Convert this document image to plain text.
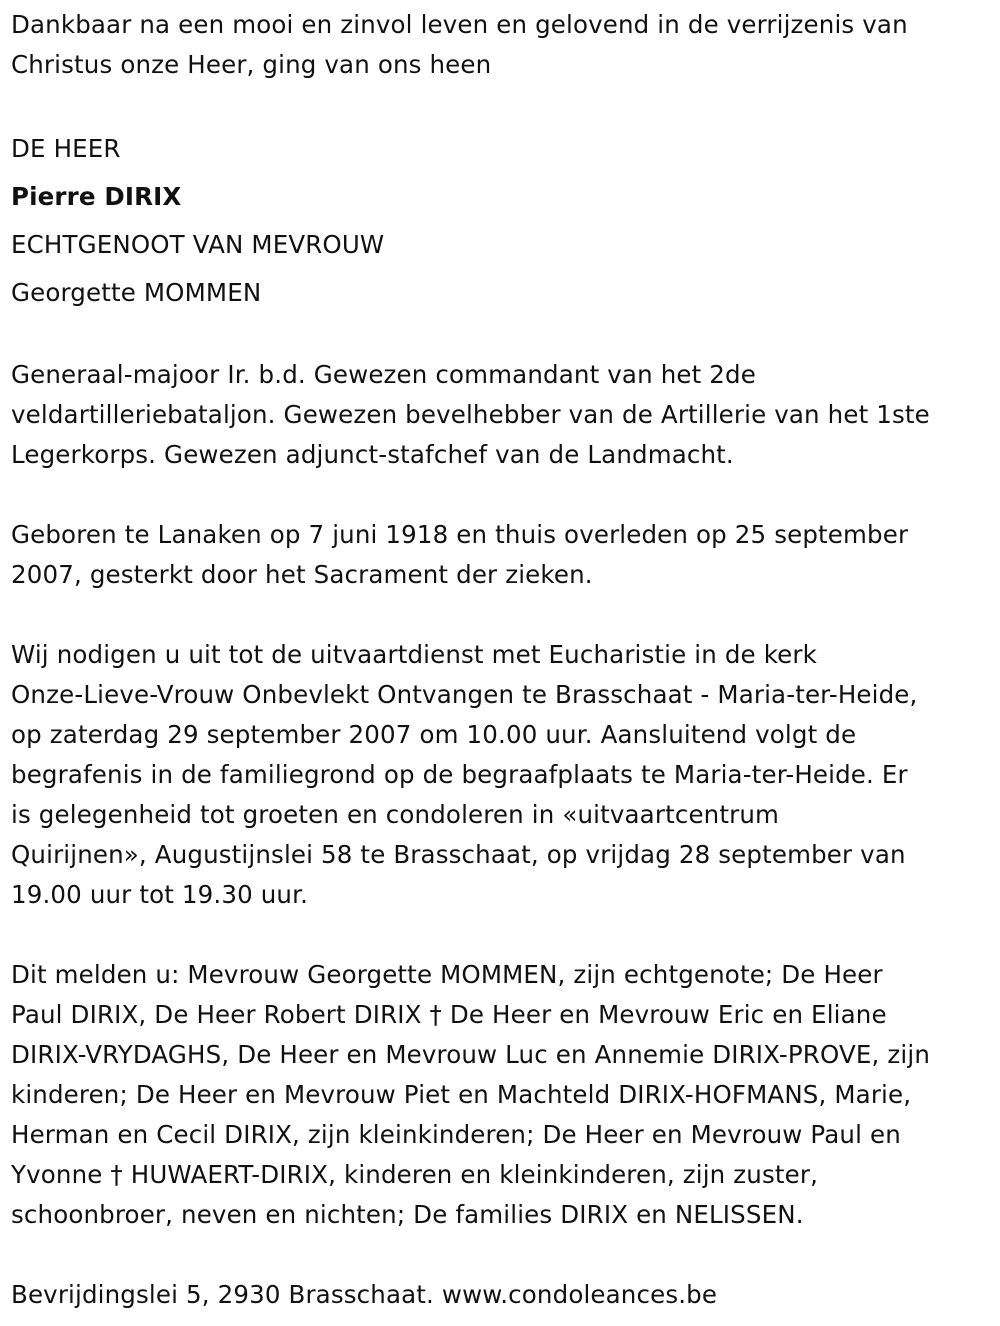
Dankbaar na een mooi en zinvol leven en gelovend in de verrijzenis van

Christus onze Heer, ging van ons heen

DE HEER

Pierre DIRIX

ECHTGENOOT VAN MEVROUW

Georgette MOMMEN

Generaal-majoor Ir. b.d. Gewezen commandant van het 2de

veldartilleriebataljon. Gewezen bevelhebber van de Artillerie van het 1ste

Legerkorps. Gewezen adjunct-stafchef van de Landmacht.

Geboren te Lanaken op 7 juni 1918 en thuis overleden op 25 september

2007, gesterkt door het Sacrament der zieken.

Wij nodigen u uit tot de uitvaartdienst met Eucharistie in de kerk

Onze-Lieve-Vrouw Onbevlekt Ontvangen te Brasschaat - Maria-ter-Heide,

op zaterdag 29 september 2007 om 10.00 uur. Aansluitend volgt de

begrafenis in de familiegrond op de begraafplaats te Maria-ter-Heide. Er

is gelegenheid tot groeten en condoleren in «uitvaartcentrum

Quirijnen», Augustijnslei 58 te Brasschaat, op vrijdag 28 september van

19.00 uur tot 19.30 uur.

Dit melden u: Mevrouw Georgette MOMMEN, zijn echtgenote; De Heer

Paul DIRIX, De Heer Robert DIRIX † De Heer en Mevrouw Eric en Eliane

DIRIX-VRYDAGHS, De Heer en Mevrouw Luc en Annemie DIRIX-PROVE, zijn

kinderen; De Heer en Mevrouw Piet en Machteld DIRIX-HOFMANS, Marie,

Herman en Cecil DIRIX, zijn kleinkinderen; De Heer en Mevrouw Paul en

Yvonne † HUWAERT-DIRIX, kinderen en kleinkinderen, zijn zuster,

schoonbroer, neven en nichten; De families DIRIX en NELISSEN.

Bevrijdingslei 5, 2930 Brasschaat. www.condoleances.be
